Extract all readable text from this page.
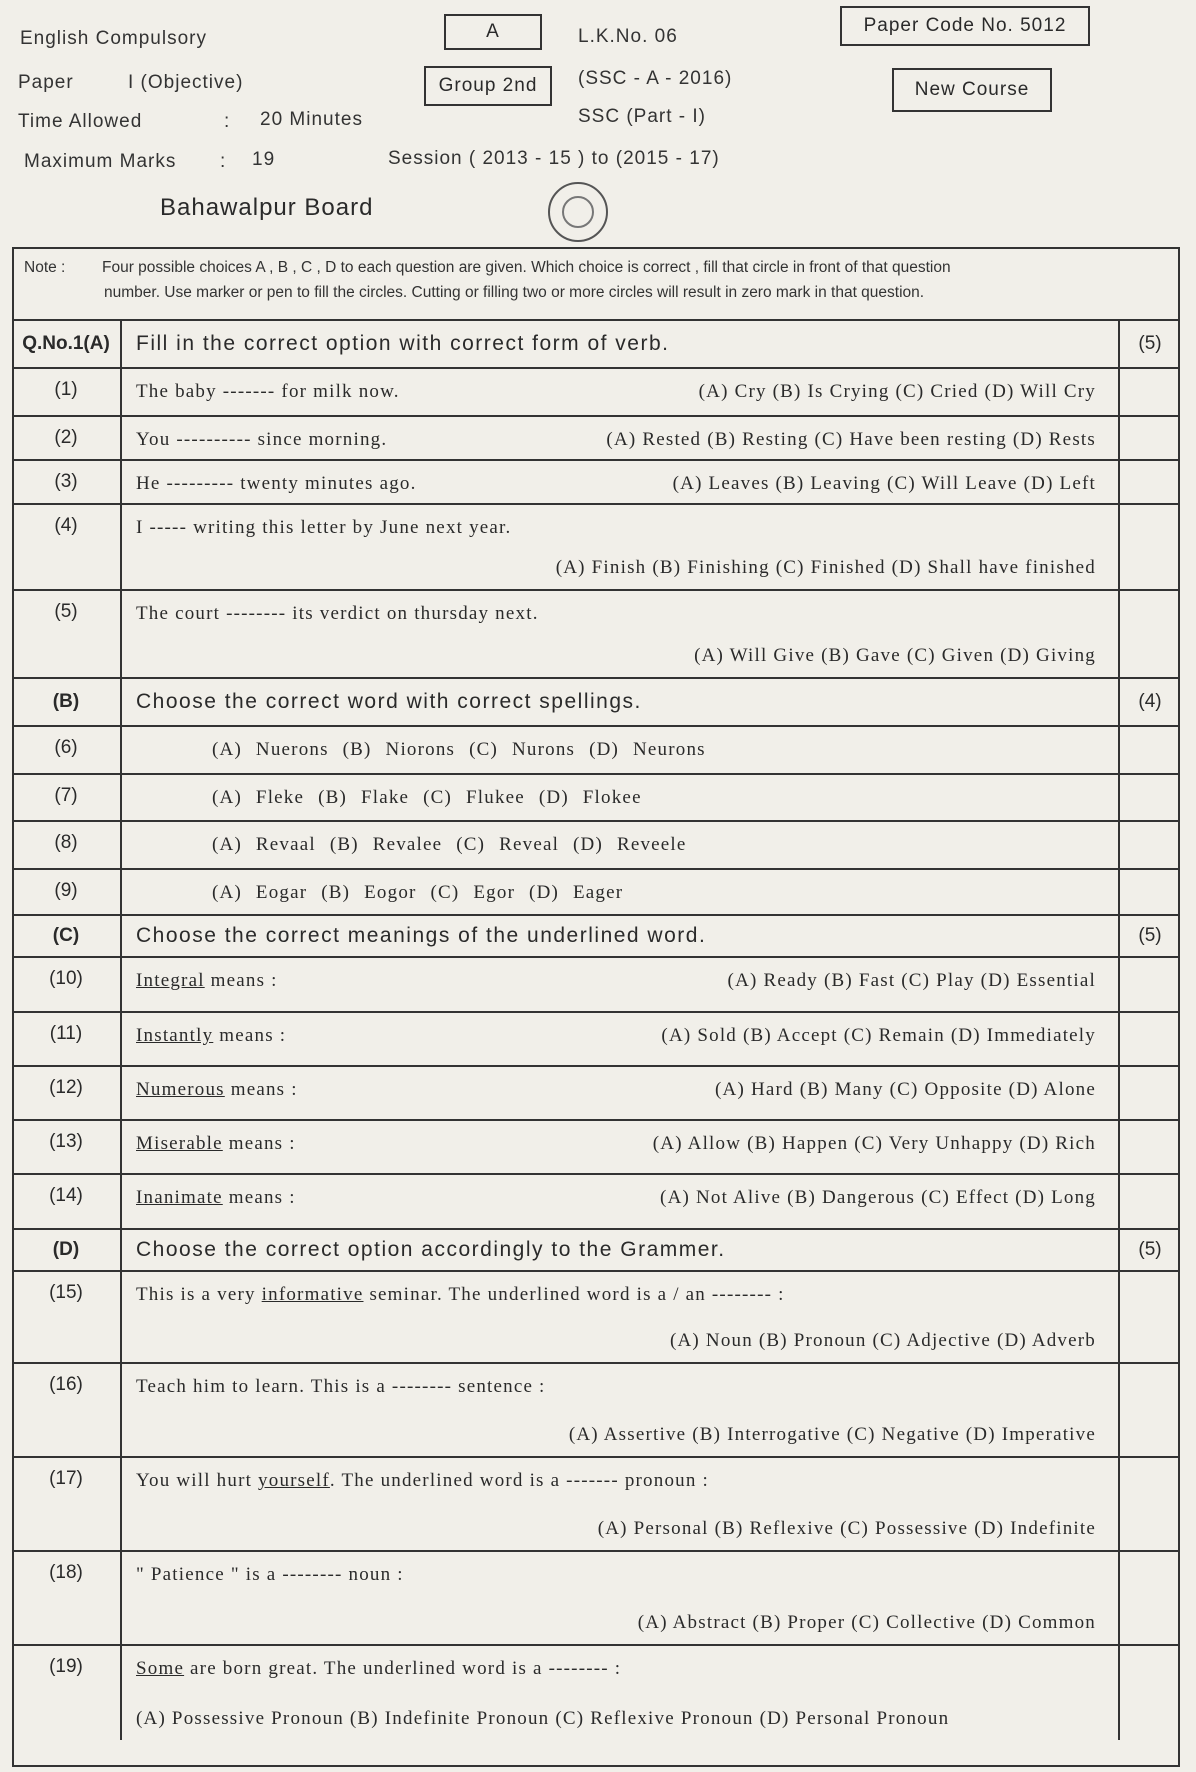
English Compulsory
Paper	I (Objective)
Time Allowed	: 20 Minutes
Maximum Marks : 19
A
Group 2nd
L.K.No. 06
(SSC - A - 2016)
SSC (Part - I)
Session ( 2013 - 15 ) to (2015 - 17)
Paper Code No. 5012
New Course
Bahawalpur Board
Note : Four possible choices A , B , C , D to each question are given. Which choice is correct , fill that circle in front of that question
number. Use marker or pen to fill the circles. Cutting or filling two or more circles will result in zero mark in that question.
Q.No.1(A)	Fill in the correct option with correct form of verb.	(5)
(1)	The baby ------- for milk now.	(A) Cry (B) Is Crying (C) Cried (D) Will Cry
(2)	You ---------- since morning.	(A) Rested (B) Resting (C) Have been resting (D) Rests
(3)	He --------- twenty minutes ago.	(A) Leaves (B) Leaving (C) Will Leave (D) Left
(4)	I ----- writing this letter by June next year.
(A) Finish (B) Finishing (C) Finished (D) Shall have finished
(5)	The court -------- its verdict on thursday next.
(A) Will Give (B) Gave (C) Given (D) Giving
(B)	Choose the correct word with correct spellings.	(4)
(6)	(A) Nuerons (B) Niorons (C) Nurons (D) Neurons
(7)	(A) Fleke (B) Flake (C) Flukee (D) Flokee
(8)	(A) Revaal (B) Revalee (C) Reveal (D) Reveele
(9)	(A) Eogar (B) Eogor (C) Egor (D) Eager
(C)	Choose the correct meanings of the underlined word.	(5)
(10)	Integral means :	(A) Ready (B) Fast (C) Play (D) Essential
(11)	Instantly means :	(A) Sold (B) Accept (C) Remain (D) Immediately
(12)	Numerous means :	(A) Hard (B) Many (C) Opposite (D) Alone
(13)	Miserable means :	(A) Allow (B) Happen (C) Very Unhappy (D) Rich
(14)	Inanimate means :	(A) Not Alive (B) Dangerous (C) Effect (D) Long
(D)	Choose the correct option accordingly to the Grammer.	(5)
(15)	This is a very informative seminar. The underlined word is a / an -------- :
(A) Noun (B) Pronoun (C) Adjective (D) Adverb
(16)	Teach him to learn. This is a -------- sentence :
(A) Assertive (B) Interrogative (C) Negative (D) Imperative
(17)	You will hurt yourself. The underlined word is a ------- pronoun :
(A) Personal (B) Reflexive (C) Possessive (D) Indefinite
(18)	" Patience " is a -------- noun :
(A) Abstract (B) Proper (C) Collective (D) Common
(19)	Some are born great. The underlined word is a -------- :
(A) Possessive Pronoun (B) Indefinite Pronoun (C) Reflexive Pronoun (D) Personal Pronoun
